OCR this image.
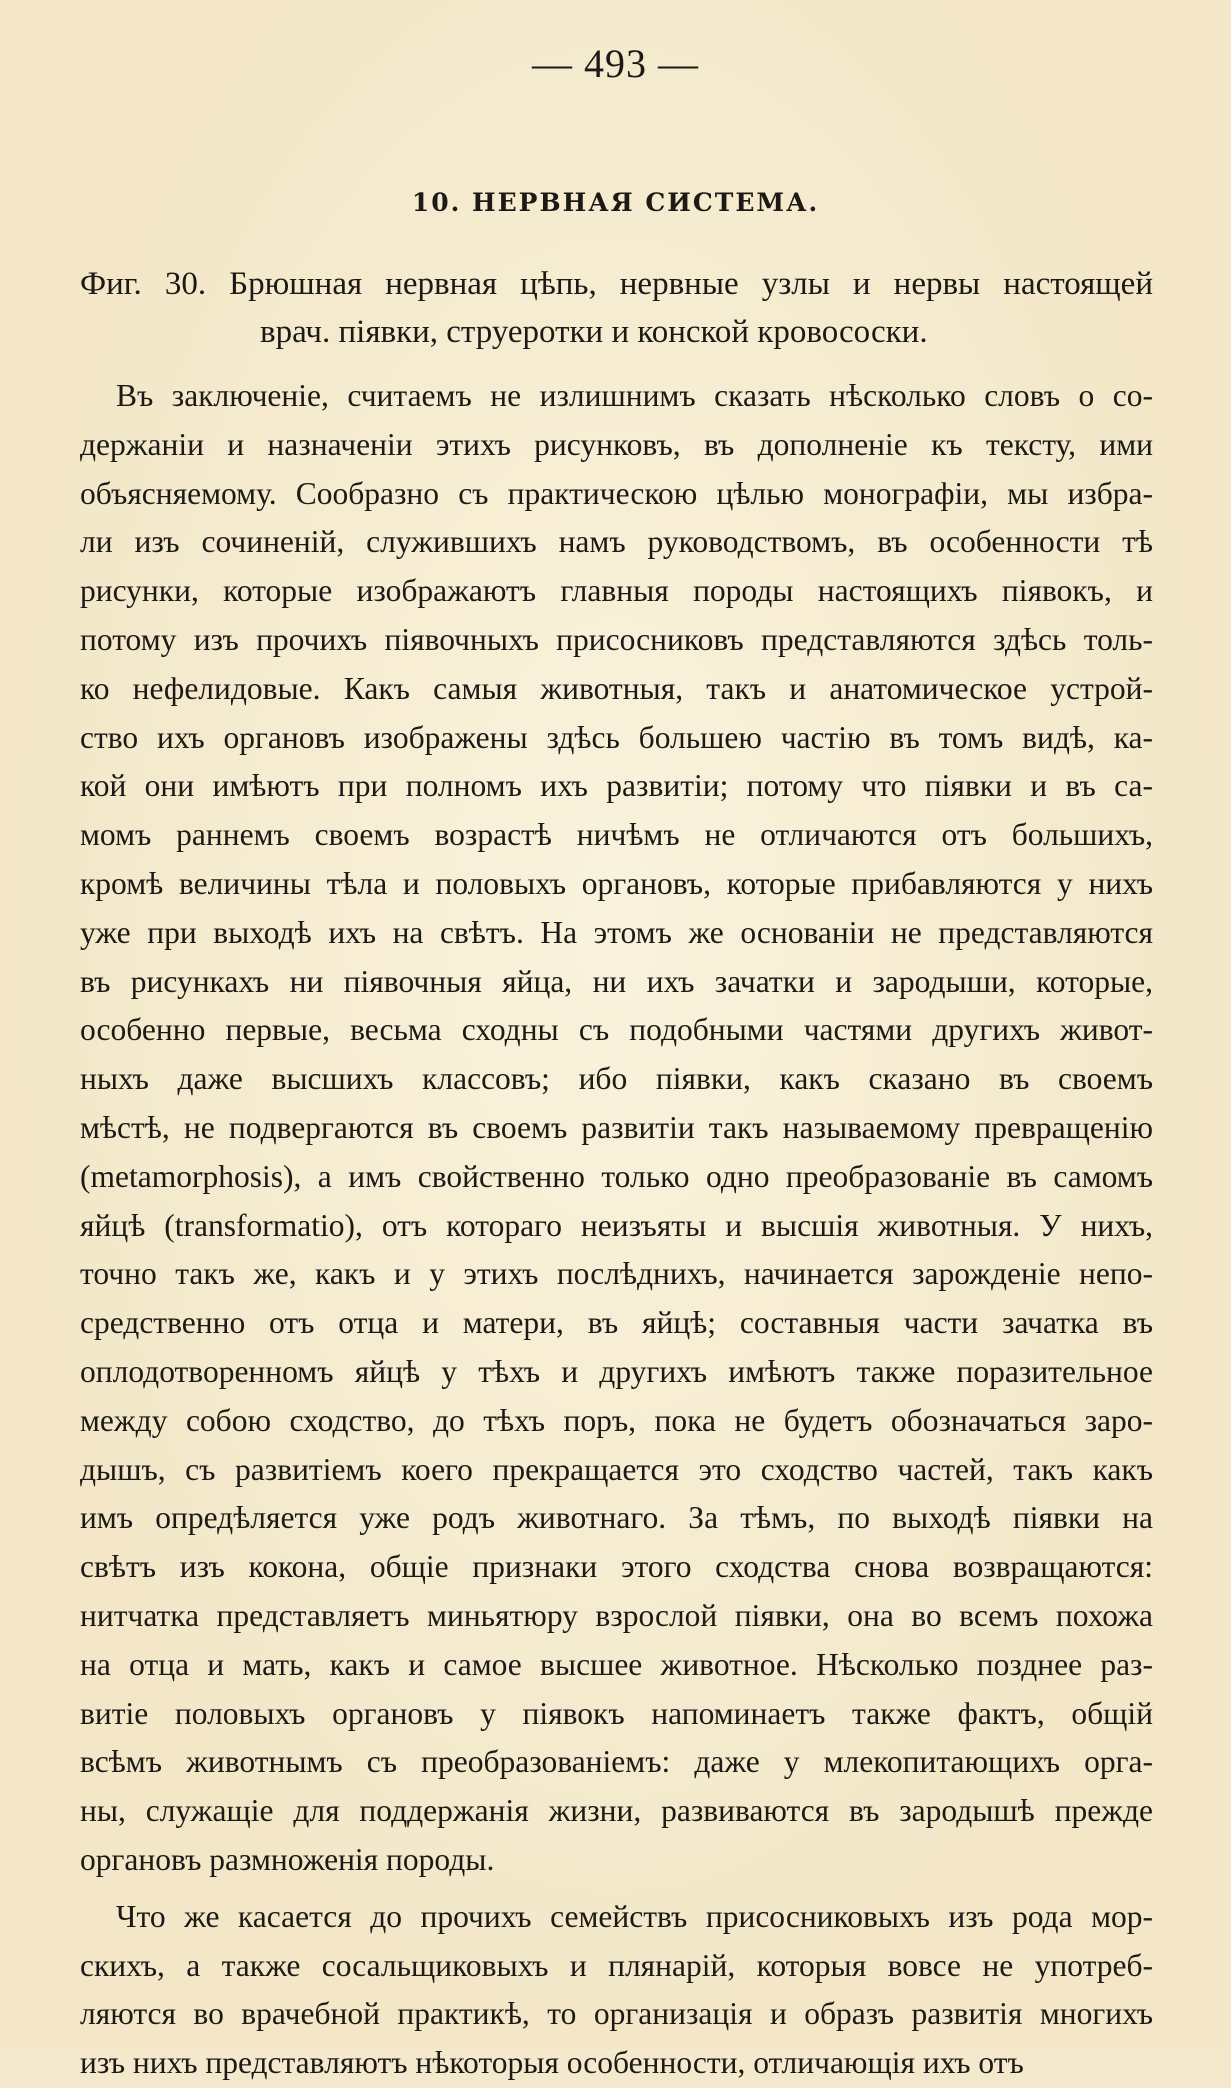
— 493 —
10. НЕРВНАЯ СИСТЕМА.
Фиг. 30. Брюшная нервная цѣпь, нервные узлы и нервы настоящей
врач. піявки, струеротки и конской кровососки.
Въ заключеніе, считаемъ не излишнимъ сказать нѣсколько словъ о со-
держаніи и назначеніи этихъ рисунковъ, въ дополненіе къ тексту, ими
объясняемому. Сообразно съ практическою цѣлью монографіи, мы избра-
ли изъ сочиненій, служившихъ намъ руководствомъ, въ особенности тѣ
рисунки, которые изображаютъ главныя породы настоящихъ піявокъ, и
потому изъ прочихъ піявочныхъ присосниковъ представляются здѣсь толь-
ко нефелидовые. Какъ самыя животныя, такъ и анатомическое устрой-
ство ихъ органовъ изображены здѣсь большею частію въ томъ видѣ, ка-
кой они имѣютъ при полномъ ихъ развитіи; потому что піявки и въ са-
момъ раннемъ своемъ возрастѣ ничѣмъ не отличаются отъ большихъ,
кромѣ величины тѣла и половыхъ органовъ, которые прибавляются у нихъ
уже при выходѣ ихъ на свѣтъ. На этомъ же основаніи не представляются
въ рисункахъ ни піявочныя яйца, ни ихъ зачатки и зародыши, которые,
особенно первые, весьма сходны съ подобными частями другихъ живот-
ныхъ даже высшихъ классовъ; ибо піявки, какъ сказано въ своемъ
мѣстѣ, не подвергаются въ своемъ развитіи такъ называемому превращенію
(metamorphosis), а имъ свойственно только одно преобразованіе въ самомъ
яйцѣ (transformatio), отъ котораго неизъяты и высшія животныя. У нихъ,
точно такъ же, какъ и у этихъ послѣднихъ, начинается зарожденіе непо-
средственно отъ отца и матери, въ яйцѣ; составныя части зачатка въ
оплодотворенномъ яйцѣ у тѣхъ и другихъ имѣютъ также поразительное
между собою сходство, до тѣхъ поръ, пока не будетъ обозначаться заро-
дышъ, съ развитіемъ коего прекращается это сходство частей, такъ какъ
имъ опредѣляется уже родъ животнаго. За тѣмъ, по выходѣ піявки на
свѣтъ изъ кокона, общіе признаки этого сходства снова возвращаются:
нитчатка представляетъ миньятюру взрослой піявки, она во всемъ похожа
на отца и мать, какъ и самое высшее животное. Нѣсколько позднее раз-
витіе половыхъ органовъ у піявокъ напоминаетъ также фактъ, общій
всѣмъ животнымъ съ преобразованіемъ: даже у млекопитающихъ орга-
ны, служащіе для поддержанія жизни, развиваются въ зародышѣ прежде
органовъ размноженія породы.
Что же касается до прочихъ семействъ присосниковыхъ изъ рода мор-
скихъ, а также сосальщиковыхъ и плянарій, которыя вовсе не употреб-
ляются во врачебной практикѣ, то организація и образъ развитія многихъ
изъ нихъ представляютъ нѣкоторыя особенности, отличающія ихъ отъ
